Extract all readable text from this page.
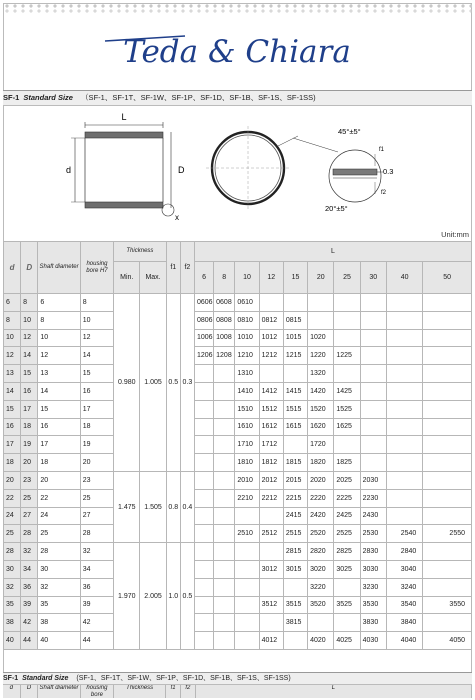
Teda & Chiara
SF-1 Standard Size （SF-1、SF-1T、SF-1W、SF-1P、SF-1D、SF-1B、SF-1S、SF-1SS)
L
d	D
x
45°±5°
20°±5°
0.3
f1
f2
Unit:mm
d	D	Shaft diameter	housing bore H7	Thickness		f1	f2	L									
				Min.	Max.			6	8	10	12	15	20	25	30	40	50
6	8	6	8	0.980	1.005	0.5	0.3	0606	0608	0610							
8	10	8	10					0806	0808	0810	0812	0815					
10	12	10	12					1006	1008	1010	1012	1015	1020				
12	14	12	14					1206	1208	1210	1212	1215	1220	1225			
13	15	13	15							1310			1320				
14	16	14	16							1410	1412	1415	1420	1425			
15	17	15	17							1510	1512	1515	1520	1525			
16	18	16	18							1610	1612	1615	1620	1625			
17	19	17	19							1710	1712		1720				
18	20	18	20							1810	1812	1815	1820	1825			
20	23	20	23	1.475	1.505	0.8	0.4			2010	2012	2015	2020	2025	2030		
22	25	22	25							2210	2212	2215	2220	2225	2230		
24	27	24	27									2415	2420	2425	2430		
25	28	25	28							2510	2512	2515	2520	2525	2530	2540	2550
28	32	28	32	1.970	2.005	1.0	0.5					2815	2820	2825	2830	2840	
30	34	30	34								3012	3015	3020	3025	3030	3040	
32	36	32	36										3220		3230	3240	
35	39	35	39								3512	3515	3520	3525	3530	3540	3550
38	42	38	42									3815			3830	3840	
40	44	40	44								4012		4020	4025	4030	4040	4050
SF-1 Standard Size (SF-1、SF-1T、SF-1W、SF-1P、SF-1D、SF-1B、SF-1S、SF-1SS)
d	D	Shaft diameter	housing bore
Thickness	f1	f2	L
